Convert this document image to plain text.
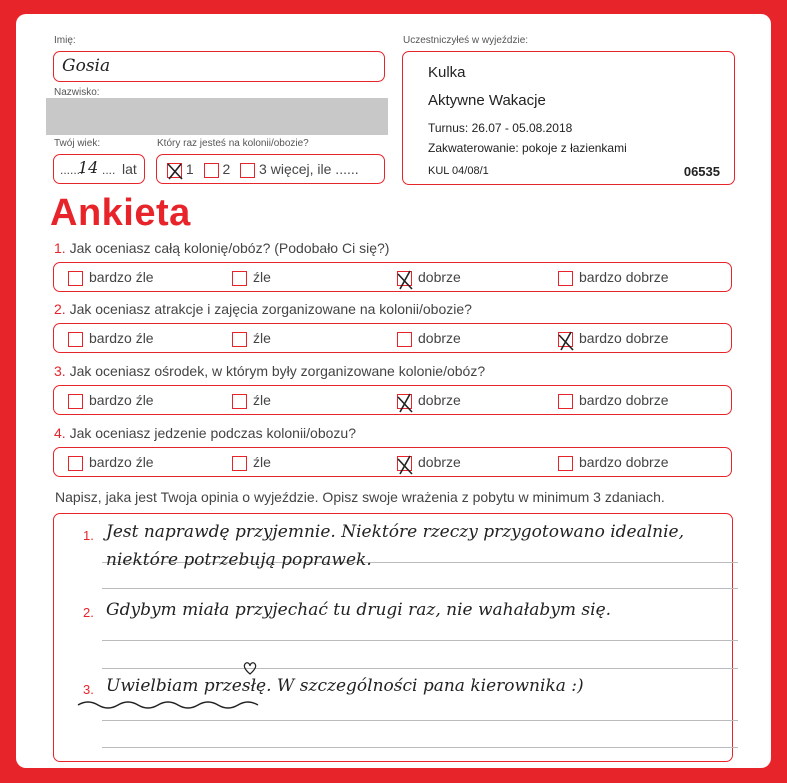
Imię:
Gosia
Nazwisko:
Twój wiek:
.......
14 .... lat
Który raz jesteś na kolonii/obozie?
1 2 3 więcej, ile ......
Uczestniczyłeś w wyjeździe:
Kulka
Aktywne Wakacje
Turnus: 26.07 - 05.08.2018
Zakwaterowanie: pokoje z łazienkami
KUL 04/08/1	06535
Ankieta
1. Jak oceniasz całą kolonię/obóz? (Podobało Ci się?)
bardzo źle	źle	dobrze	bardzo dobrze
2. Jak oceniasz atrakcje i zajęcia zorganizowane na kolonii/obozie?
bardzo źle	źle	dobrze	bardzo dobrze
3. Jak oceniasz ośrodek, w którym były zorganizowane kolonie/obóz?
bardzo źle	źle	dobrze	bardzo dobrze
4. Jak oceniasz jedzenie podczas kolonii/obozu?
bardzo źle	źle	dobrze	bardzo dobrze
Napisz, jaka jest Twoja opinia o wyjeździe. Opisz swoje wrażenia z pobytu w minimum 3 zdaniach.
1. Jest naprawdę przyjemnie. Niektóre rzeczy przygotowano idealnie,
niektóre potrzebują poprawek.
2. Gdybym miała przyjechać tu drugi raz, nie wahałabym się.
3. Uwielbiam przesłę. W szczególności pana kierownika :)
